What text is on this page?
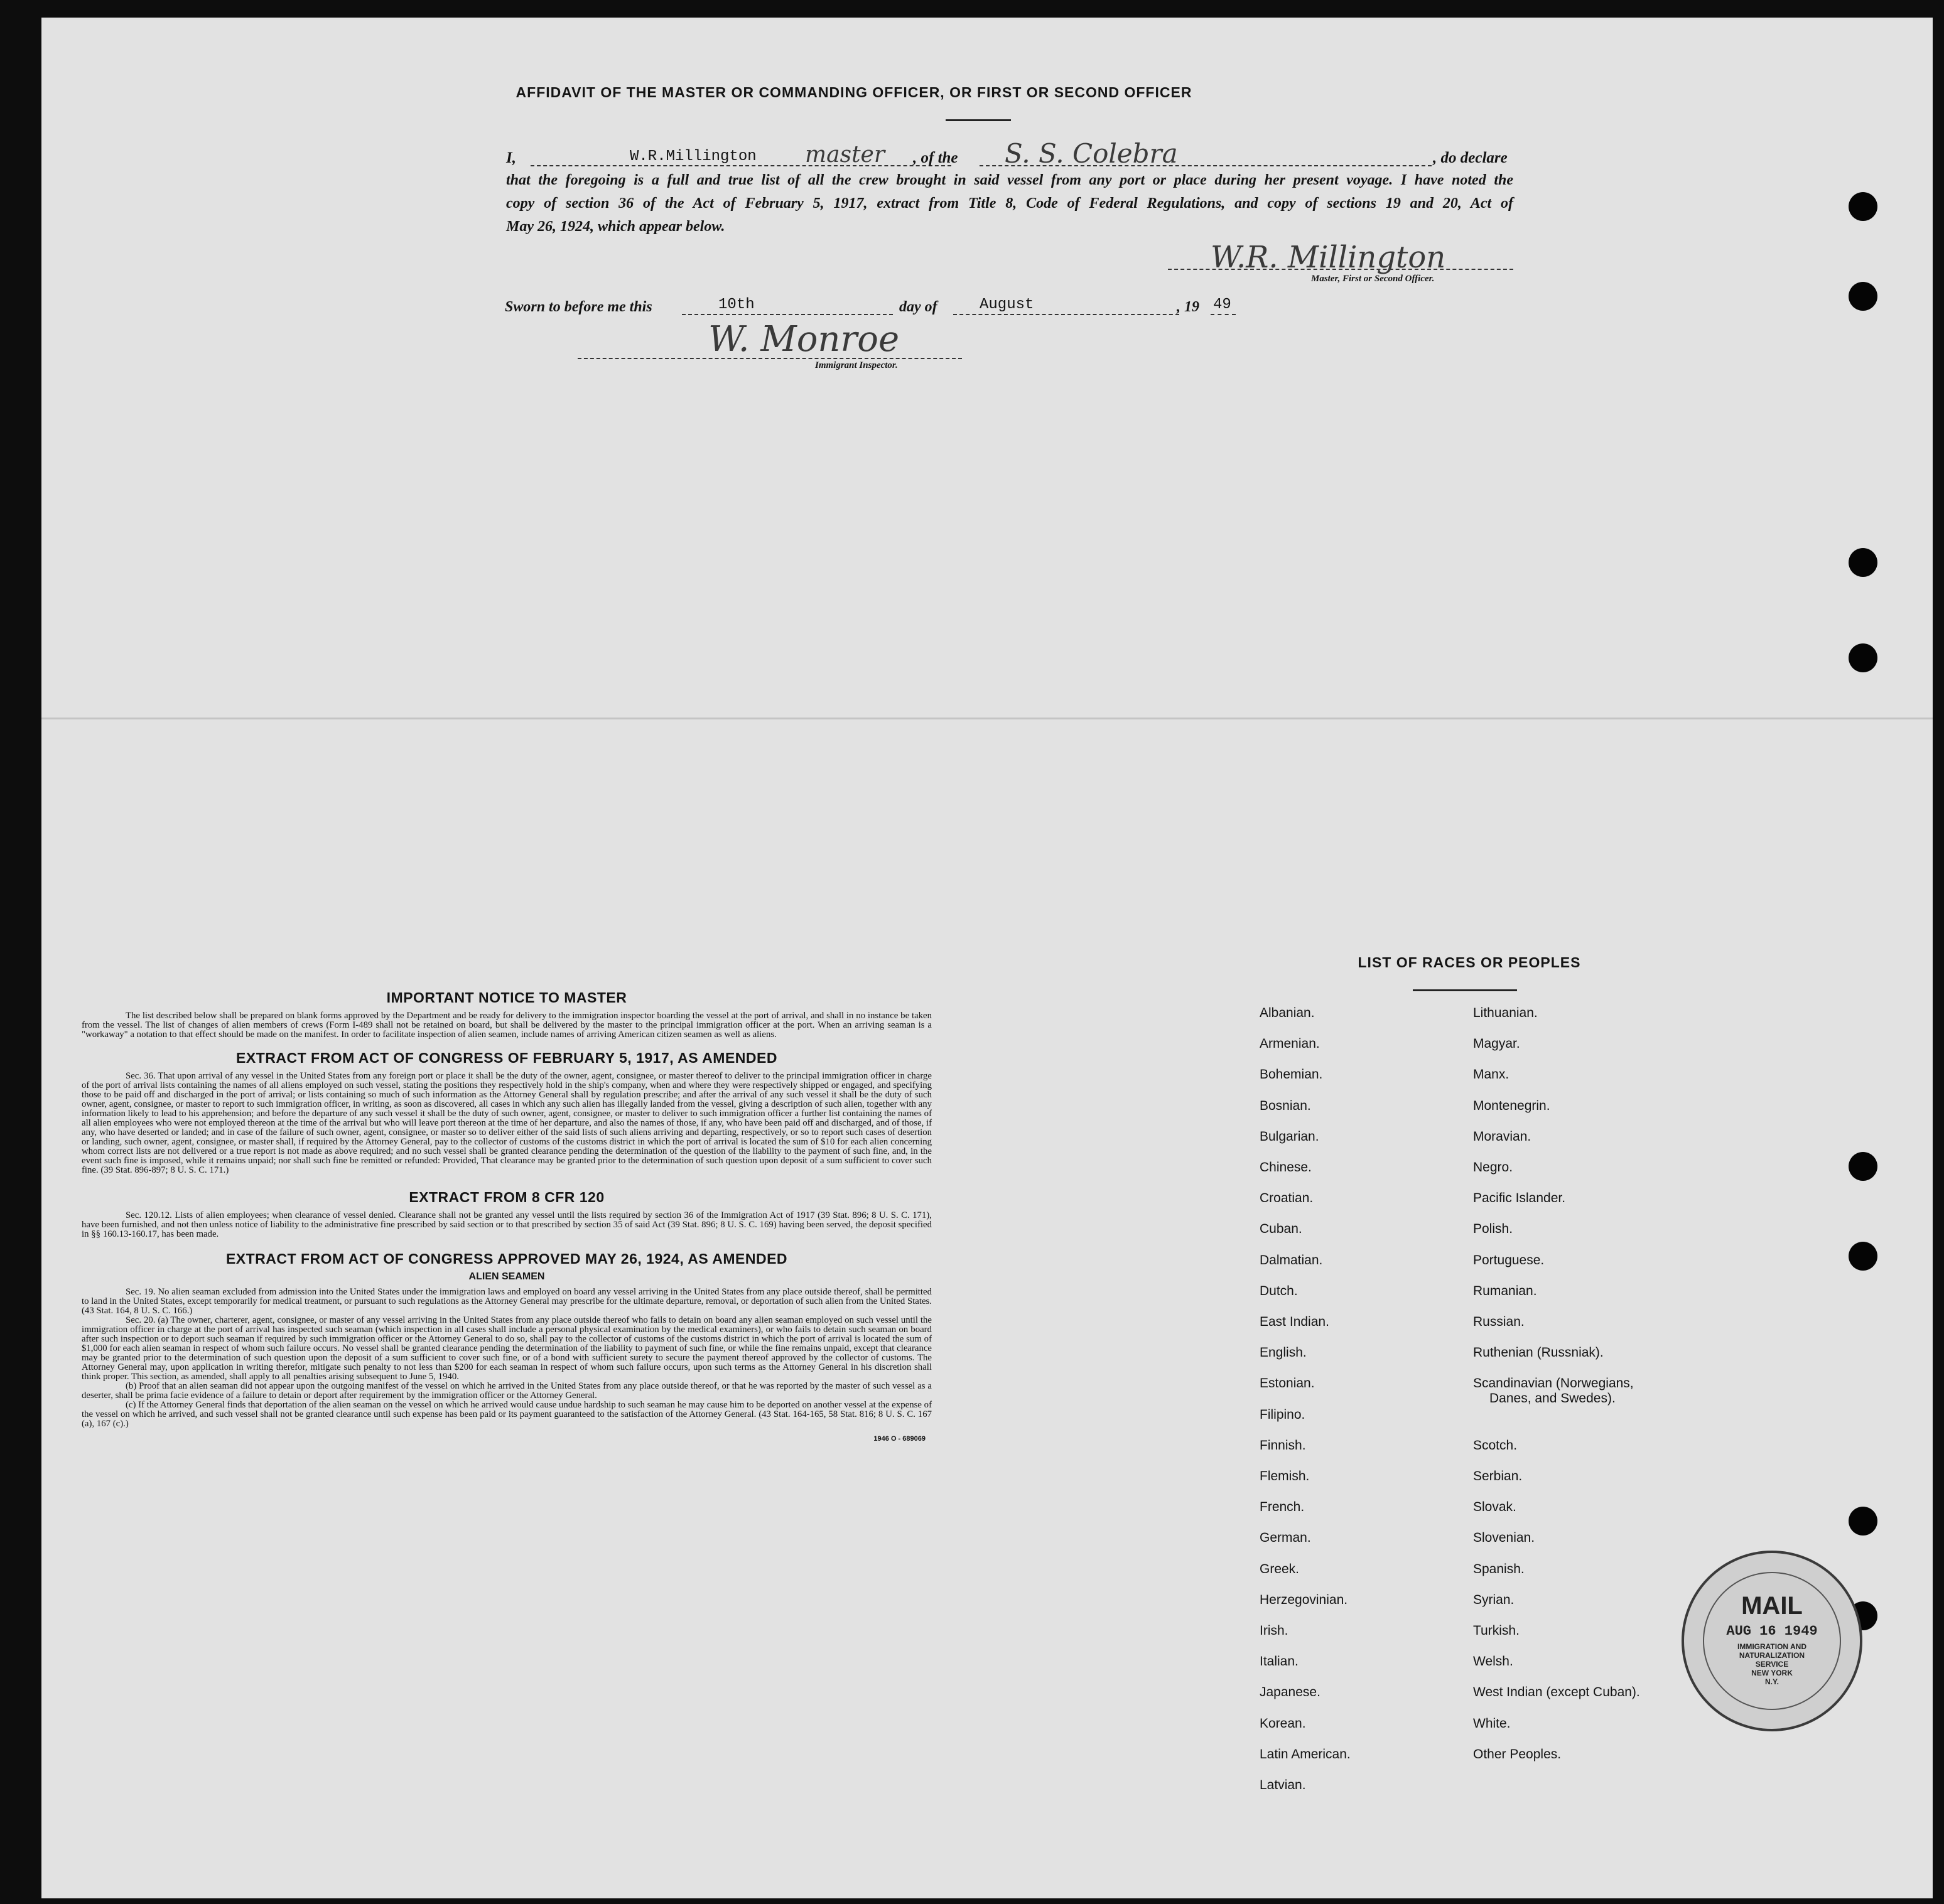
AFFIDAVIT OF THE MASTER OR COMMANDING OFFICER, OR FIRST OR SECOND OFFICER
I,	W.R.Millington master , of the S. S. Colebra	, do declare
that the foregoing is a full and true list of all the crew brought in said vessel from any port or place during her present voyage. I have noted the
copy of section 36 of the Act of February 5, 1917, extract from Title 8, Code of Federal Regulations, and copy of sections 19 and 20, Act of
May 26, 1924, which appear below.
W.R. Millington
Master, First or Second Officer.
Sworn to before me this	10th	day of	August	, 19 49
W. Monroe
Immigrant Inspector.
IMPORTANT NOTICE TO MASTER

The list described below shall be prepared on blank forms approved by the Department and be ready for delivery to the immigration inspector boarding the vessel at the port of arrival, and shall in no instance be taken from the vessel. The list of changes of alien members of crews (Form I-489 shall not be retained on board, but shall be delivered by the master to the principal immigration officer at the port. When an arriving seaman is a "workaway" a notation to that effect should be made on the manifest. In order to facilitate inspection of alien seamen, include names of arriving American citizen seamen as well as aliens.

EXTRACT FROM ACT OF CONGRESS OF FEBRUARY 5, 1917, AS AMENDED

Sec. 36. That upon arrival of any vessel in the United States from any foreign port or place it shall be the duty of the owner, agent, consignee, or master thereof to deliver to the principal immigration officer in charge of the port of arrival lists containing the names of all aliens employed on such vessel, stating the positions they respectively hold in the ship's company, when and where they were respectively shipped or engaged, and specifying those to be paid off and discharged in the port of arrival; or lists containing so much of such information as the Attorney General shall by regulation prescribe; and after the arrival of any such vessel it shall be the duty of such owner, agent, consignee, or master to report to such immigration officer, in writing, as soon as discovered, all cases in which any such alien has illegally landed from the vessel, giving a description of such alien, together with any information likely to lead to his apprehension; and before the departure of any such vessel it shall be the duty of such owner, agent, consignee, or master to deliver to such immigration officer a further list containing the names of all alien employees who were not employed thereon at the time of the arrival but who will leave port thereon at the time of her departure, and also the names of those, if any, who have been paid off and discharged, and of those, if any, who have deserted or landed; and in case of the failure of such owner, agent, consignee, or master so to deliver either of the said lists of such aliens arriving and departing, respectively, or so to report such cases of desertion or landing, such owner, agent, consignee, or master shall, if required by the Attorney General, pay to the collector of customs of the customs district in which the port of arrival is located the sum of $10 for each alien concerning whom correct lists are not delivered or a true report is not made as above required; and no such vessel shall be granted clearance pending the determination of the question of the liability to the payment of such fine, and, in the event such fine is imposed, while it remains unpaid; nor shall such fine be remitted or refunded: Provided, That clearance may be granted prior to the determination of such question upon deposit of a sum sufficient to cover such fine. (39 Stat. 896-897; 8 U. S. C. 171.)

EXTRACT FROM 8 CFR 120

Sec. 120.12. Lists of alien employees; when clearance of vessel denied. Clearance shall not be granted any vessel until the lists required by section 36 of the Immigration Act of 1917 (39 Stat. 896; 8 U. S. C. 171), have been furnished, and not then unless notice of liability to the administrative fine prescribed by said section or to that prescribed by section 35 of said Act (39 Stat. 896; 8 U. S. C. 169) having been served, the deposit specified in §§ 160.13-160.17, has been made.

EXTRACT FROM ACT OF CONGRESS APPROVED MAY 26, 1924, AS AMENDED
ALIEN SEAMEN

Sec. 19. No alien seaman excluded from admission into the United States under the immigration laws and employed on board any vessel arriving in the United States from any place outside thereof, shall be permitted to land in the United States, except temporarily for medical treatment, or pursuant to such regulations as the Attorney General may prescribe for the ultimate departure, removal, or deportation of such alien from the United States. (43 Stat. 164, 8 U. S. C. 166.)

Sec. 20. (a) The owner, charterer, agent, consignee, or master of any vessel arriving in the United States from any place outside thereof who fails to detain on board any alien seaman employed on such vessel until the immigration officer in charge at the port of arrival has inspected such seaman (which inspection in all cases shall include a personal physical examination by the medical examiners), or who fails to detain such seaman on board after such inspection or to deport such seaman if required by such immigration officer or the Attorney General to do so, shall pay to the collector of customs of the customs district in which the port of arrival is located the sum of $1,000 for each alien seaman in respect of whom such failure occurs. No vessel shall be granted clearance pending the determination of the liability to payment of such fine, or while the fine remains unpaid, except that clearance may be granted prior to the determination of such question upon the deposit of a sum sufficient to cover such fine, or of a bond with sufficient surety to secure the payment thereof approved by the collector of customs. The Attorney General may, upon application in writing therefor, mitigate such penalty to not less than $200 for each seaman in respect of whom such failure occurs, upon such terms as the Attorney General in his discretion shall think proper. This section, as amended, shall apply to all penalties arising subsequent to June 5, 1940.

(b) Proof that an alien seaman did not appear upon the outgoing manifest of the vessel on which he arrived in the United States from any place outside thereof, or that he was reported by the master of such vessel as a deserter, shall be prima facie evidence of a failure to detain or deport after requirement by the immigration officer or the Attorney General.

(c) If the Attorney General finds that deportation of the alien seaman on the vessel on which he arrived would cause undue hardship to such seaman he may cause him to be deported on another vessel at the expense of the vessel on which he arrived, and such vessel shall not be granted clearance until such expense has been paid or its payment guaranteed to the satisfaction of the Attorney General. (43 Stat. 164-165, 58 Stat. 816; 8 U. S. C. 167 (a), 167 (c).)

1946 O - 689069
LIST OF RACES OR PEOPLES
Albanian.
Armenian.
Bohemian.
Bosnian.
Bulgarian.
Chinese.
Croatian.
Cuban.
Dalmatian.
Dutch.
East Indian.
English.
Estonian.
Filipino.
Finnish.
Flemish.
French.
German.
Greek.
Herzegovinian.
Irish.
Italian.
Japanese.
Korean.
Latin American.
Latvian.
Lithuanian.
Magyar.
Manx.
Montenegrin.
Moravian.
Negro.
Pacific Islander.
Polish.
Portuguese.
Rumanian.
Russian.
Ruthenian (Russniak).
Scandinavian (Norwegians,
Danes, and Swedes).
Scotch.
Serbian.
Slovak.
Slovenian.
Spanish.
Syrian.
Turkish.
Welsh.
West Indian (except Cuban).
White.
Other Peoples.
MAIL
AUG 16 1949
IMMIGRATION AND
NATURALIZATION
SERVICE
NEW YORK
N.Y.
